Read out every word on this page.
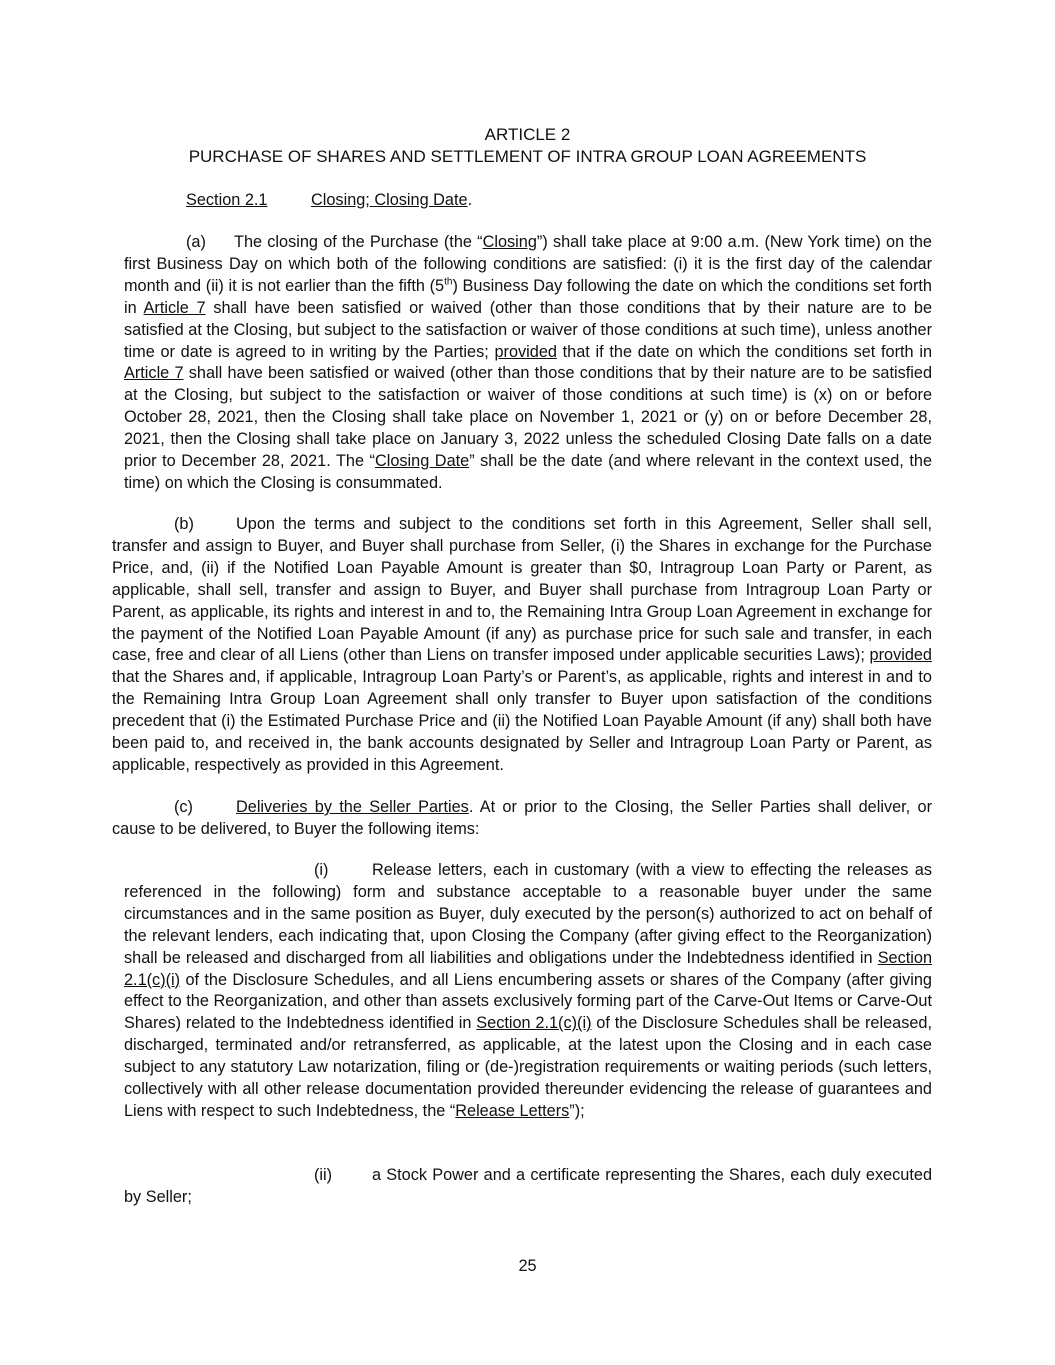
ARTICLE 2
PURCHASE OF SHARES AND SETTLEMENT OF INTRA GROUP LOAN AGREEMENTS
Section 2.1	Closing; Closing Date.
(a) The closing of the Purchase (the “Closing”) shall take place at 9:00 a.m. (New York time) on the first Business Day on which both of the following conditions are satisfied: (i) it is the first day of the calendar month and (ii) it is not earlier than the fifth (5th) Business Day following the date on which the conditions set forth in Article 7 shall have been satisfied or waived (other than those conditions that by their nature are to be satisfied at the Closing, but subject to the satisfaction or waiver of those conditions at such time), unless another time or date is agreed to in writing by the Parties; provided that if the date on which the conditions set forth in Article 7 shall have been satisfied or waived (other than those conditions that by their nature are to be satisfied at the Closing, but subject to the satisfaction or waiver of those conditions at such time) is (x) on or before October 28, 2021, then the Closing shall take place on November 1, 2021 or (y) on or before December 28, 2021, then the Closing shall take place on January 3, 2022 unless the scheduled Closing Date falls on a date prior to December 28, 2021. The “Closing Date” shall be the date (and where relevant in the context used, the time) on which the Closing is consummated.
(b)	Upon the terms and subject to the conditions set forth in this Agreement, Seller shall sell, transfer and assign to Buyer, and Buyer shall purchase from Seller, (i) the Shares in exchange for the Purchase Price, and, (ii) if the Notified Loan Payable Amount is greater than $0, Intragroup Loan Party or Parent, as applicable, shall sell, transfer and assign to Buyer, and Buyer shall purchase from Intragroup Loan Party or Parent, as applicable, its rights and interest in and to, the Remaining Intra Group Loan Agreement in exchange for the payment of the Notified Loan Payable Amount (if any) as purchase price for such sale and transfer, in each case, free and clear of all Liens (other than Liens on transfer imposed under applicable securities Laws); provided that the Shares and, if applicable, Intragroup Loan Party’s or Parent’s, as applicable, rights and interest in and to the Remaining Intra Group Loan Agreement shall only transfer to Buyer upon satisfaction of the conditions precedent that (i) the Estimated Purchase Price and (ii) the Notified Loan Payable Amount (if any) shall both have been paid to, and received in, the bank accounts designated by Seller and Intragroup Loan Party or Parent, as applicable, respectively as provided in this Agreement.
(c)	Deliveries by the Seller Parties. At or prior to the Closing, the Seller Parties shall deliver, or cause to be delivered, to Buyer the following items:
(i)	Release letters, each in customary (with a view to effecting the releases as referenced in the following) form and substance acceptable to a reasonable buyer under the same circumstances and in the same position as Buyer, duly executed by the person(s) authorized to act on behalf of the relevant lenders, each indicating that, upon Closing the Company (after giving effect to the Reorganization) shall be released and discharged from all liabilities and obligations under the Indebtedness identified in Section 2.1(c)(i) of the Disclosure Schedules, and all Liens encumbering assets or shares of the Company (after giving effect to the Reorganization, and other than assets exclusively forming part of the Carve-Out Items or Carve-Out Shares) related to the Indebtedness identified in Section 2.1(c)(i) of the Disclosure Schedules shall be released, discharged, terminated and/or retransferred, as applicable, at the latest upon the Closing and in each case subject to any statutory Law notarization, filing or (de-)registration requirements or waiting periods (such letters, collectively with all other release documentation provided thereunder evidencing the release of guarantees and Liens with respect to such Indebtedness, the “Release Letters”);
(ii) a Stock Power and a certificate representing the Shares, each duly executed by Seller;
25
